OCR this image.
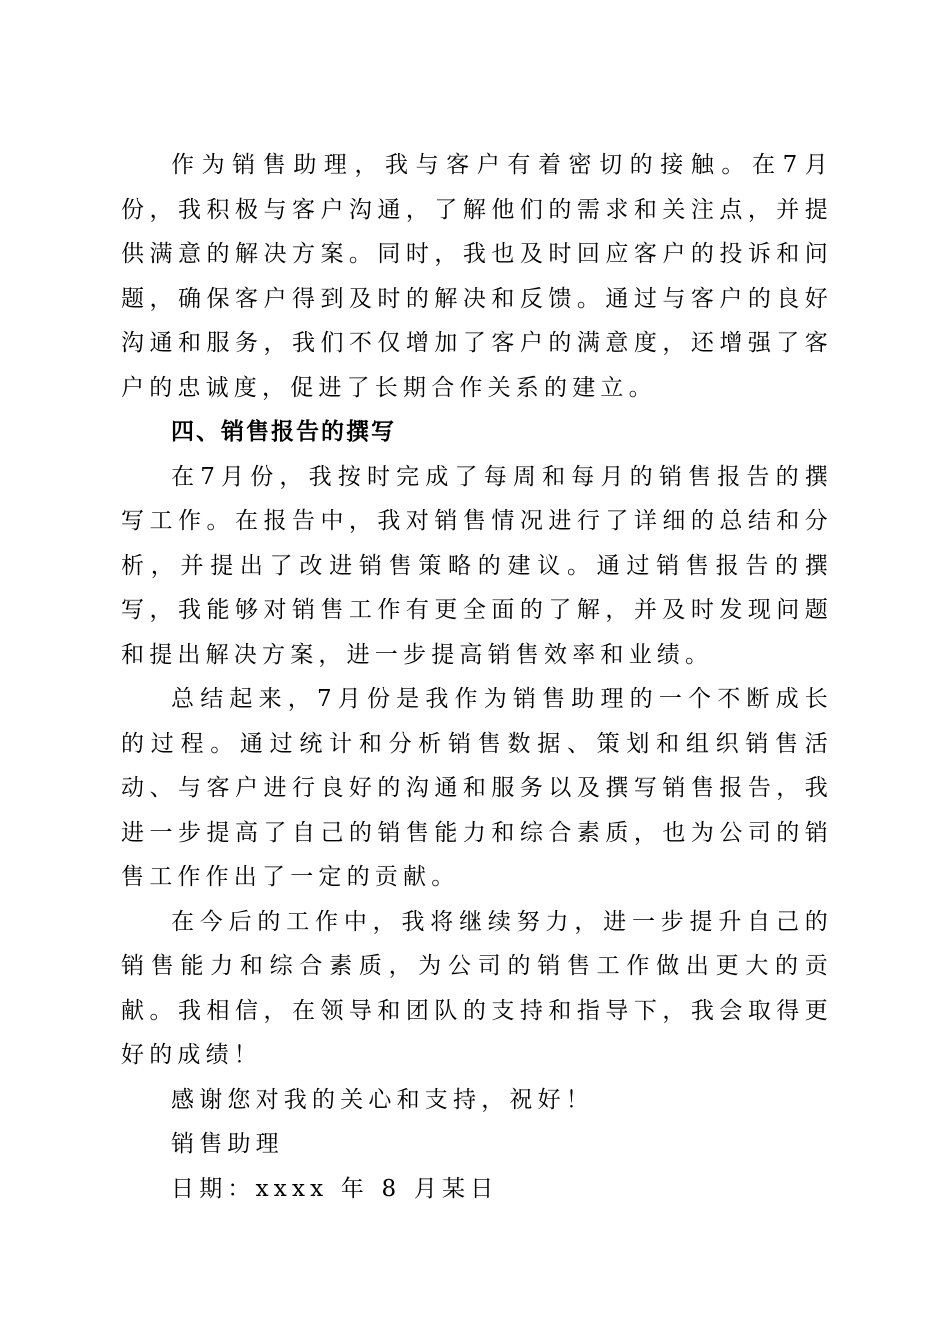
作为销售助理，我与客户有着密切的接触。在7月份，我积极与客户沟通，了解他们的需求和关注点，并提供满意的解决方案。同时，我也及时回应客户的投诉和问题，确保客户得到及时的解决和反馈。通过与客户的良好沟通和服务，我们不仅增加了客户的满意度，还增强了客户的忠诚度，促进了长期合作关系的建立。

四、销售报告的撰写

在7月份，我按时完成了每周和每月的销售报告的撰写工作。在报告中，我对销售情况进行了详细的总结和分析，并提出了改进销售策略的建议。通过销售报告的撰写，我能够对销售工作有更全面的了解，并及时发现问题和提出解决方案，进一步提高销售效率和业绩。

总结起来，7月份是我作为销售助理的一个不断成长的过程。通过统计和分析销售数据、策划和组织销售活动、与客户进行良好的沟通和服务以及撰写销售报告，我进一步提高了自己的销售能力和综合素质，也为公司的销售工作作出了一定的贡献。

在今后的工作中，我将继续努力，进一步提升自己的销售能力和综合素质，为公司的销售工作做出更大的贡献。我相信，在领导和团队的支持和指导下，我会取得更好的成绩！

感谢您对我的关心和支持，祝好！

销售助理

日期：xxxx 年 8 月某日
